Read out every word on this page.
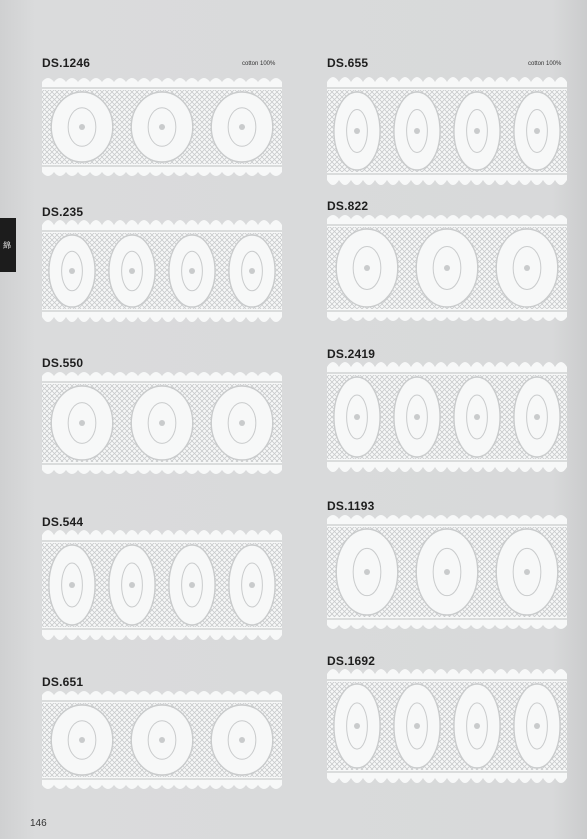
綿
DS.1246	cotton 100%
DS.235
DS.550
DS.544
DS.651
DS.655	cotton 100%
DS.822
DS.2419
DS.1193
DS.1692
146
